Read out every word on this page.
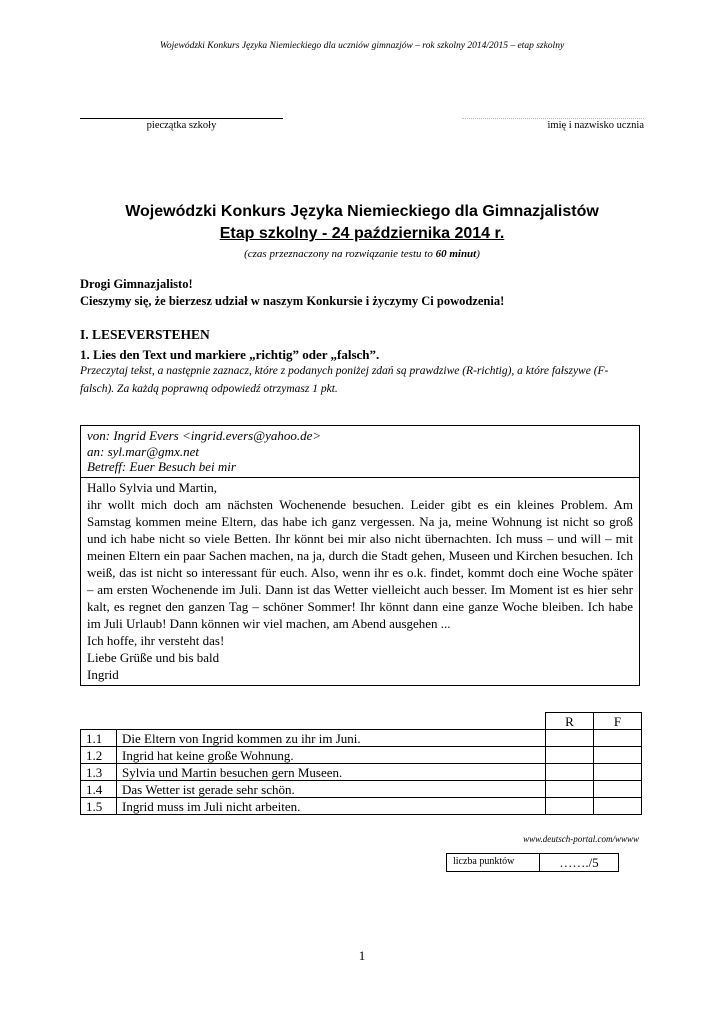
Wojewódzki Konkurs Języka Niemieckiego dla uczniów gimnazjów – rok szkolny 2014/2015 – etap szkolny
pieczątka szkoły	imię i nazwisko ucznia
Wojewódzki Konkurs Języka Niemieckiego dla Gimnazjalistów
Etap szkolny - 24 października 2014 r.
(czas przeznaczony na rozwiązanie testu to 60 minut)
Drogi Gimnazjalisto!
Cieszymy się, że bierzesz udział w naszym Konkursie i życzymy Ci powodzenia!
I. LESEVERSTEHEN
1. Lies den Text und markiere „richtig” oder „falsch”.
Przeczytaj tekst, a następnie zaznacz, które z podanych poniżej zdań są prawdziwe (R-richtig), a które fałszywe (F-falsch). Za każdą poprawną odpowiedź otrzymasz 1 pkt.
von: Ingrid Evers <ingrid.evers@yahoo.de>
an: syl.mar@gmx.net
Betreff: Euer Besuch bei mir

Hallo Sylvia und Martin,

ihr wollt mich doch am nächsten Wochenende besuchen. Leider gibt es ein kleines Problem. Am Samstag kommen meine Eltern, das habe ich ganz vergessen. Na ja, meine Wohnung ist nicht so groß und ich habe nicht so viele Betten. Ihr könnt bei mir also nicht übernachten. Ich muss – und will – mit meinen Eltern ein paar Sachen machen, na ja, durch die Stadt gehen, Museen und Kirchen besuchen. Ich weiß, das ist nicht so interessant für euch. Also, wenn ihr es o.k. findet, kommt doch eine Woche später – am ersten Wochenende im Juli. Dann ist das Wetter vielleicht auch besser. Im Moment ist es hier sehr kalt, es regnet den ganzen Tag – schöner Sommer! Ihr könnt dann eine ganze Woche bleiben. Ich habe im Juli Urlaub! Dann können wir viel machen, am Abend ausgehen ...

Ich hoffe, ihr versteht das!

Liebe Grüße und bis bald

Ingrid

		R	F
1.1	Die Eltern von Ingrid kommen zu ihr im Juni.		
1.2	Ingrid hat keine große Wohnung.		
1.3	Sylvia und Martin besuchen gern Museen.		
1.4	Das Wetter ist gerade sehr schön.		
1.5	Ingrid muss im Juli nicht arbeiten.		
www.deutsch-portal.com/wwww
liczba punktów	……./5
1
